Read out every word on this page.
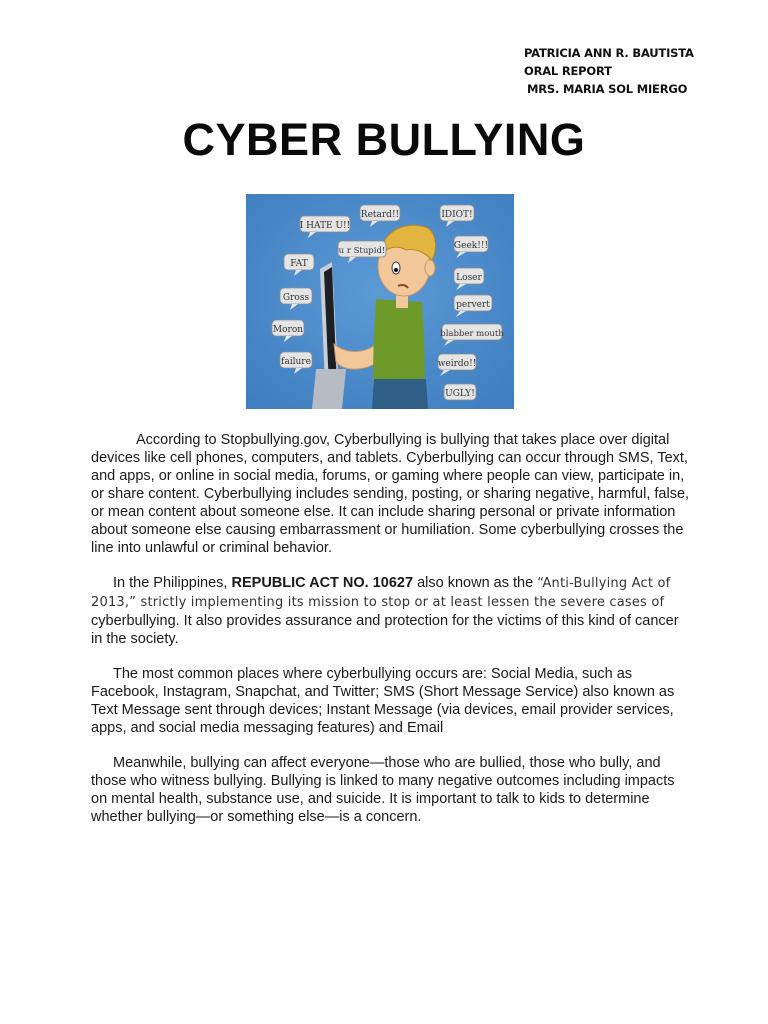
PATRICIA ANN R. BAUTISTA
ORAL REPORT
MRS. MARIA SOL MIERGO
CYBER BULLYING
I HATE U!!
FAT
Gross
Moron
failure
Retard!!
u r Stupid!
IDIOT!
Geek!!!
Loser
pervert
blabber mouth
weirdo!!
UGLY!

According to Stopbullying.gov, Cyberbullying is bullying that takes place over digital devices like cell phones, computers, and tablets. Cyberbullying can occur through SMS, Text, and apps, or online in social media, forums, or gaming where people can view, participate in, or share content. Cyberbullying includes sending, posting, or sharing negative, harmful, false, or mean content about someone else. It can include sharing personal or private information about someone else causing embarrassment or humiliation. Some cyberbullying crosses the line into unlawful or criminal behavior.

In the Philippines, REPUBLIC ACT NO. 10627 also known as the “Anti-Bullying Act of 2013,” strictly implementing its mission to stop or at least lessen the severe cases of cyberbullying. It also provides assurance and protection for the victims of this kind of cancer in the society.

The most common places where cyberbullying occurs are: Social Media, such as Facebook, Instagram, Snapchat, and Twitter; SMS (Short Message Service) also known as Text Message sent through devices; Instant Message (via devices, email provider services, apps, and social media messaging features) and Email

Meanwhile, bullying can affect everyone—those who are bullied, those who bully, and those who witness bullying. Bullying is linked to many negative outcomes including impacts on mental health, substance use, and suicide. It is important to talk to kids to determine whether bullying—or something else—is a concern.
